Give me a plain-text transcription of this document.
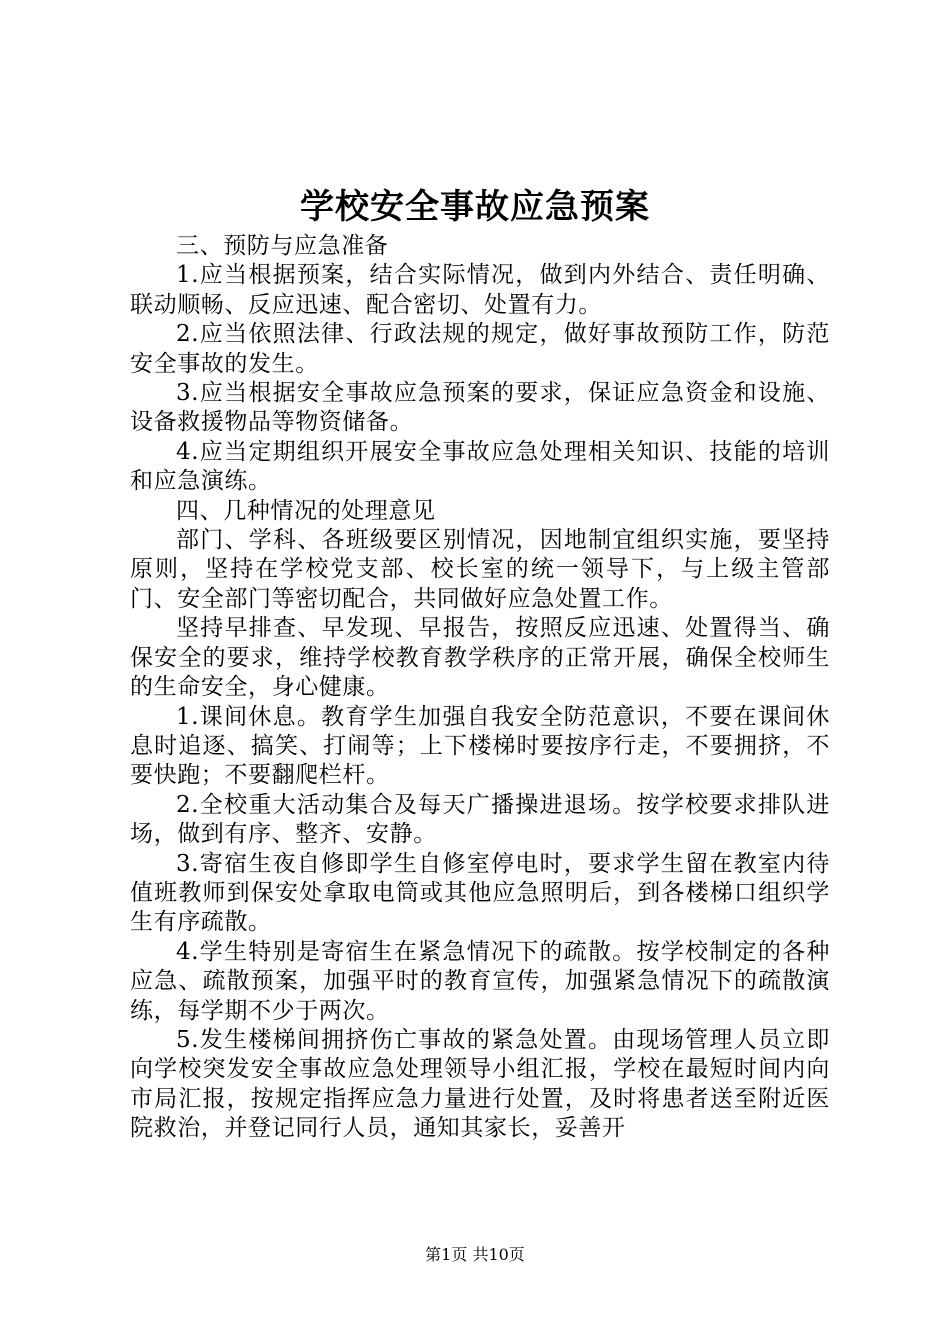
学校安全事故应急预案

三、预防与应急准备

1.应当根据预案，结合实际情况，做到内外结合、责任明确、联动顺畅、反应迅速、配合密切、处置有力。

2.应当依照法律、行政法规的规定，做好事故预防工作，防范安全事故的发生。

3.应当根据安全事故应急预案的要求，保证应急资金和设施、设备救援物品等物资储备。

4.应当定期组织开展安全事故应急处理相关知识、技能的培训和应急演练。

四、几种情况的处理意见

部门、学科、各班级要区别情况，因地制宜组织实施，要坚持原则，坚持在学校党支部、校长室的统一领导下，与上级主管部门、安全部门等密切配合，共同做好应急处置工作。

坚持早排查、早发现、早报告，按照反应迅速、处置得当、确保安全的要求，维持学校教育教学秩序的正常开展，确保全校师生的生命安全，身心健康。

1.课间休息。教育学生加强自我安全防范意识，不要在课间休息时追逐、搞笑、打闹等；上下楼梯时要按序行走，不要拥挤，不要快跑；不要翻爬栏杆。

2.全校重大活动集合及每天广播操进退场。按学校要求排队进场，做到有序、整齐、安静。

3.寄宿生夜自修即学生自修室停电时，要求学生留在教室内待值班教师到保安处拿取电筒或其他应急照明后，到各楼梯口组织学生有序疏散。

4.学生特别是寄宿生在紧急情况下的疏散。按学校制定的各种应急、疏散预案，加强平时的教育宣传，加强紧急情况下的疏散演练，每学期不少于两次。

5.发生楼梯间拥挤伤亡事故的紧急处置。由现场管理人员立即向学校突发安全事故应急处理领导小组汇报，学校在最短时间内向市局汇报，按规定指挥应急力量进行处置，及时将患者送至附近医院救治，并登记同行人员，通知其家长，妥善开

第1页 共10页
